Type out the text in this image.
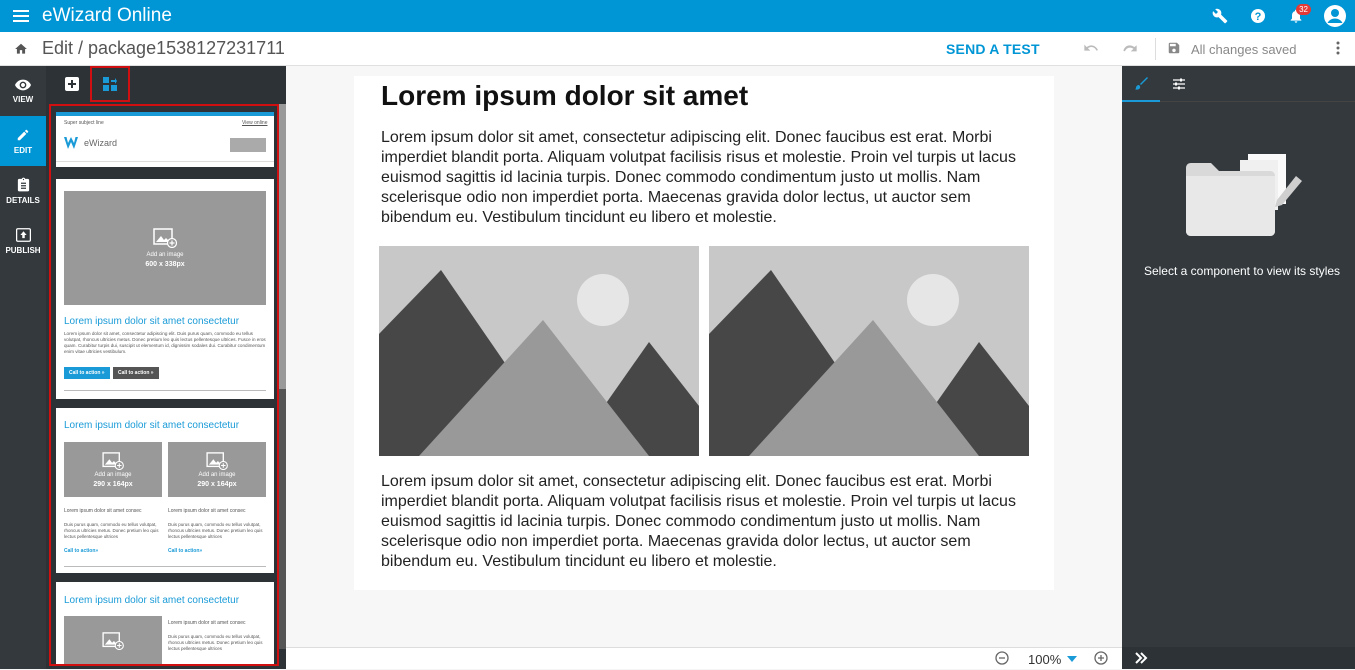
eWizard Online	?
32
Edit / package1538127231711	SEND A TEST	All changes saved
VIEW
EDIT
DETAILS
PUBLISH
Super subject line	View online
eWizard
Add an image
600 x 338px
Lorem ipsum dolor sit amet consectetur
Lorem ipsum dolor sit amet, consectetur adipiscing elit. Duis purus quam, commodo eu tellus volutpat, rhoncus ultricies metus. Donec pretium leo quis lectus pellentesque ultrices. Fusce in eros quam. Curabitur turpis dui, suscipit ut elementum id, dignissim sodales dui. Curabitur condimentum enim vitae ultricies vestibulum.
Call to action »	Call to action »
Lorem ipsum dolor sit amet consectetur
Add an image
290 x 164px
Add an image
290 x 164px
Lorem ipsum dolor sit amet consec	Lorem ipsum dolor sit amet consec
Duis purus quam, commodo eu tellus volutpat, rhoncus ultricies metus. Donec pretium leo quis lectus pellentesque ultrices
Duis purus quam, commodo eu tellus volutpat, rhoncus ultricies metus. Donec pretium leo quis lectus pellentesque ultrices
Call to action»	Call to action»
Lorem ipsum dolor sit amet consectetur
Lorem ipsum dolor sit amet consec
Duis purus quam, commodo eu tellus volutpat, rhoncus ultricies metus. Donec pretium leo quis lectus pellentesque ultrices
Lorem ipsum dolor sit amet
Lorem ipsum dolor sit amet, consectetur adipiscing elit. Donec faucibus est erat. Morbi imperdiet blandit porta. Aliquam volutpat facilisis risus et molestie. Proin vel turpis ut lacus euismod sagittis id lacinia turpis. Donec commodo condimentum justo ut mollis. Nam scelerisque odio non imperdiet porta. Maecenas gravida dolor lectus, ut auctor sem bibendum eu. Vestibulum tincidunt eu libero et molestie.
Lorem ipsum dolor sit amet, consectetur adipiscing elit. Donec faucibus est erat. Morbi imperdiet blandit porta. Aliquam volutpat facilisis risus et molestie. Proin vel turpis ut lacus euismod sagittis id lacinia turpis. Donec commodo condimentum justo ut mollis. Nam scelerisque odio non imperdiet porta. Maecenas gravida dolor lectus, ut auctor sem bibendum eu. Vestibulum tincidunt eu libero et molestie.
100%
Select a component to view its styles
